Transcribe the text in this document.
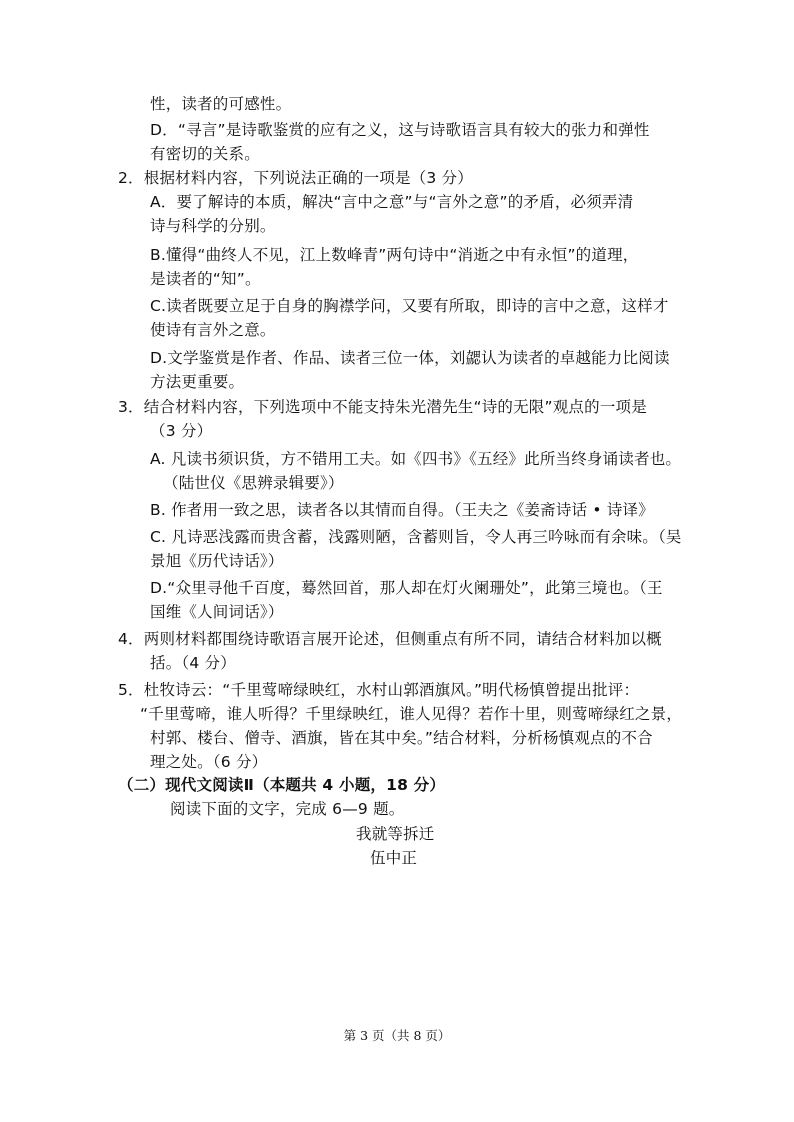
性，读者的可感性。
D．“寻言”是诗歌鉴赏的应有之义，这与诗歌语言具有较大的张力和弹性
有密切的关系。
2．根据材料内容，下列说法正确的一项是（3 分）
A．要了解诗的本质，解决“言中之意”与“言外之意”的矛盾，必须弄清
诗与科学的分别。
B.懂得“曲终人不见，江上数峰青”两句诗中“消逝之中有永恒”的道理，
是读者的“知”。
C.读者既要立足于自身的胸襟学问，又要有所取，即诗的言中之意，这样才
使诗有言外之意。
D.文学鉴赏是作者、作品、读者三位一体，刘勰认为读者的卓越能力比阅读
方法更重要。
3．结合材料内容，下列选项中不能支持朱光潜先生“诗的无限”观点的一项是
（3 分）
A. 凡读书须识货，方不错用工夫。如《四书》《五经》此所当终身诵读者也。
（陆世仪《思辨录辑要》）
B. 作者用一致之思，读者各以其情而自得。（王夫之《姜斋诗话 • 诗译》
C. 凡诗恶浅露而贵含蓄，浅露则陋，含蓄则旨，令人再三吟咏而有余味。（吴
景旭《历代诗话》）
D.“众里寻他千百度，蓦然回首，那人却在灯火阑珊处”，此第三境也。（王
国维《人间词话》）
4．两则材料都围绕诗歌语言展开论述，但侧重点有所不同，请结合材料加以概
括。（4 分）
5．杜牧诗云：“千里莺啼绿映红，水村山郭酒旗风。”明代杨慎曾提出批评：
“千里莺啼，谁人听得？千里绿映红，谁人见得？若作十里，则莺啼绿红之景，
村郭、楼台、僧寺、酒旗，皆在其中矣。”结合材料，分析杨慎观点的不合
理之处。（6 分）
（二）现代文阅读Ⅱ（本题共 4 小题，18 分）
阅读下面的文字，完成 6—9 题。
我就等拆迁
伍中正
第 3 页（共 8 页）
